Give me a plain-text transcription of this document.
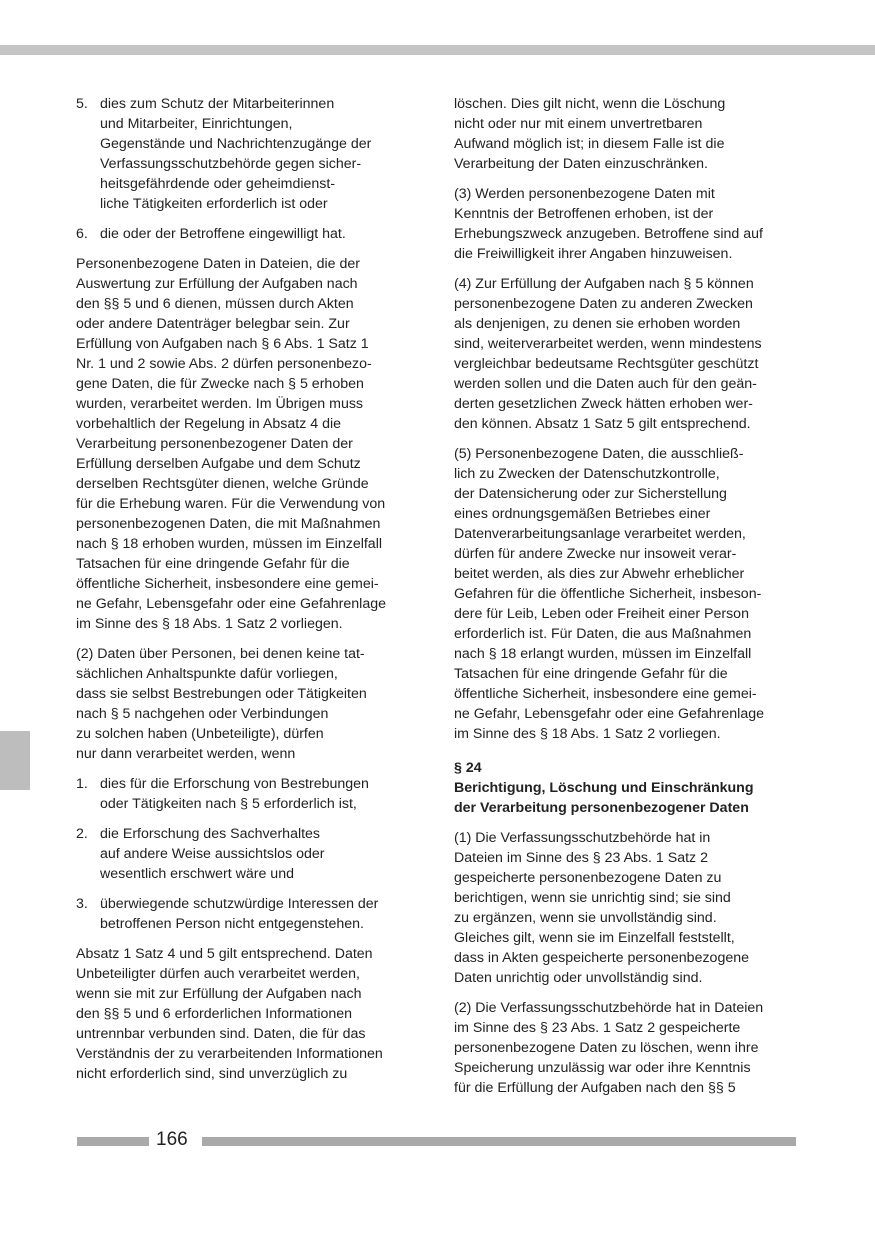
5. dies zum Schutz der Mitarbeiterinnen
und Mitarbeiter, Einrichtungen,
Gegenstände und Nachrichtenzugänge der
Verfassungsschutzbehörde gegen sicher-
heitsgefährdende oder geheimdienst-
liche Tätigkeiten erforderlich ist oder
6. die oder der Betroffene eingewilligt hat.

Personenbezogene Daten in Dateien, die der
Auswertung zur Erfüllung der Aufgaben nach
den §§ 5 und 6 dienen, müssen durch Akten
oder andere Datenträger belegbar sein. Zur
Erfüllung von Aufgaben nach § 6 Abs. 1 Satz 1
Nr. 1 und 2 sowie Abs. 2 dürfen personenbezo-
gene Daten, die für Zwecke nach § 5 erhoben
wurden, verarbeitet werden. Im Übrigen muss
vorbehaltlich der Regelung in Absatz 4 die
Verarbeitung personenbezogener Daten der
Erfüllung derselben Aufgabe und dem Schutz
derselben Rechtsgüter dienen, welche Gründe
für die Erhebung waren. Für die Verwendung von
personenbezogenen Daten, die mit Maßnahmen
nach § 18 erhoben wurden, müssen im Einzelfall
Tatsachen für eine dringende Gefahr für die
öffentliche Sicherheit, insbesondere eine gemei-
ne Gefahr, Lebensgefahr oder eine Gefahrenlage
im Sinne des § 18 Abs. 1 Satz 2 vorliegen.

(2) Daten über Personen, bei denen keine tat-
sächlichen Anhaltspunkte dafür vorliegen,
dass sie selbst Bestrebungen oder Tätigkeiten
nach § 5 nachgehen oder Verbindungen
zu solchen haben (Unbeteiligte), dürfen
nur dann verarbeitet werden, wenn

1. dies für die Erforschung von Bestrebungen
oder Tätigkeiten nach § 5 erforderlich ist,
2. die Erforschung des Sachverhaltes
auf andere Weise aussichtslos oder
wesentlich erschwert wäre und
3. überwiegende schutzwürdige Interessen der
betroffenen Person nicht entgegenstehen.

Absatz 1 Satz 4 und 5 gilt entsprechend. Daten
Unbeteiligter dürfen auch verarbeitet werden,
wenn sie mit zur Erfüllung der Aufgaben nach
den §§ 5 und 6 erforderlichen Informationen
untrennbar verbunden sind. Daten, die für das
Verständnis der zu verarbeitenden Informationen
nicht erforderlich sind, sind unverzüglich zu

löschen. Dies gilt nicht, wenn die Löschung
nicht oder nur mit einem unvertretbaren
Aufwand möglich ist; in diesem Falle ist die
Verarbeitung der Daten einzuschränken.

(3) Werden personenbezogene Daten mit
Kenntnis der Betroffenen erhoben, ist der
Erhebungszweck anzugeben. Betroffene sind auf
die Freiwilligkeit ihrer Angaben hinzuweisen.

(4) Zur Erfüllung der Aufgaben nach § 5 können
personenbezogene Daten zu anderen Zwecken
als denjenigen, zu denen sie erhoben worden
sind, weiterverarbeitet werden, wenn mindestens
vergleichbar bedeutsame Rechtsgüter geschützt
werden sollen und die Daten auch für den geän-
derten gesetzlichen Zweck hätten erhoben wer-
den können. Absatz 1 Satz 5 gilt entsprechend.

(5) Personenbezogene Daten, die ausschließ-
lich zu Zwecken der Datenschutzkontrolle,
der Datensicherung oder zur Sicherstellung
eines ordnungsgemäßen Betriebes einer
Datenverarbeitungsanlage verarbeitet werden,
dürfen für andere Zwecke nur insoweit verar-
beitet werden, als dies zur Abwehr erheblicher
Gefahren für die öffentliche Sicherheit, insbeson-
dere für Leib, Leben oder Freiheit einer Person
erforderlich ist. Für Daten, die aus Maßnahmen
nach § 18 erlangt wurden, müssen im Einzelfall
Tatsachen für eine dringende Gefahr für die
öffentliche Sicherheit, insbesondere eine gemei-
ne Gefahr, Lebensgefahr oder eine Gefahrenlage
im Sinne des § 18 Abs. 1 Satz 2 vorliegen.

§ 24
Berichtigung, Löschung und Einschränkung
der Verarbeitung personenbezogener Daten

(1) Die Verfassungsschutzbehörde hat in
Dateien im Sinne des § 23 Abs. 1 Satz 2
gespeicherte personenbezogene Daten zu
berichtigen, wenn sie unrichtig sind; sie sind
zu ergänzen, wenn sie unvollständig sind.
Gleiches gilt, wenn sie im Einzelfall feststellt,
dass in Akten gespeicherte personenbezogene
Daten unrichtig oder unvollständig sind.

(2) Die Verfassungsschutzbehörde hat in Dateien
im Sinne des § 23 Abs. 1 Satz 2 gespeicherte
personenbezogene Daten zu löschen, wenn ihre
Speicherung unzulässig war oder ihre Kenntnis
für die Erfüllung der Aufgaben nach den §§ 5

166
